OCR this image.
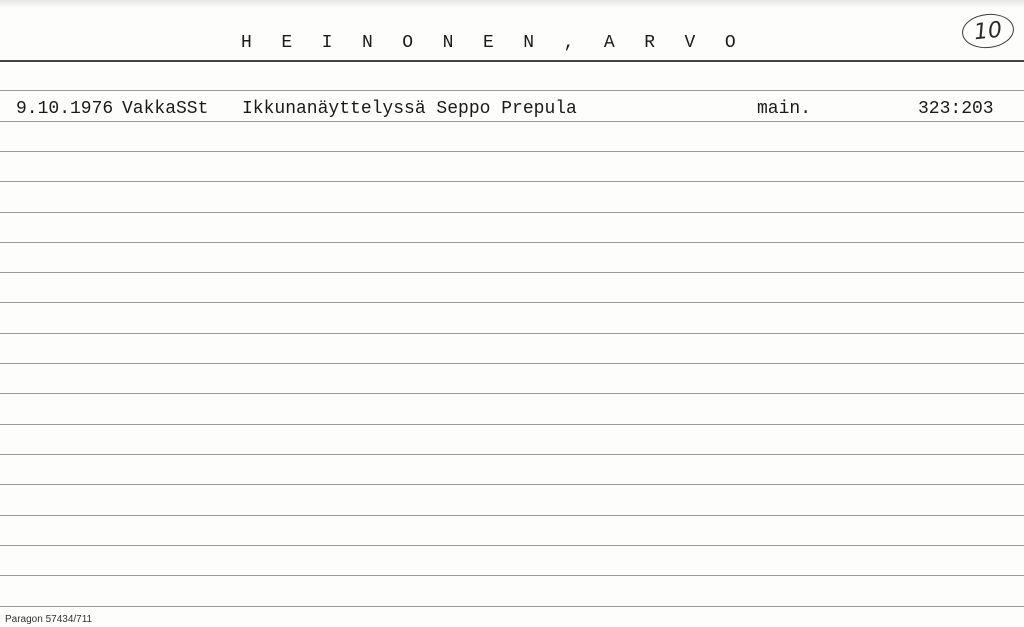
H E I N O N E N , A R V O	10
9.10.1976 VakkaSSt Ikkunanäyttelyssä Seppo Prepula	main.	323:203
Paragon 57434/711
